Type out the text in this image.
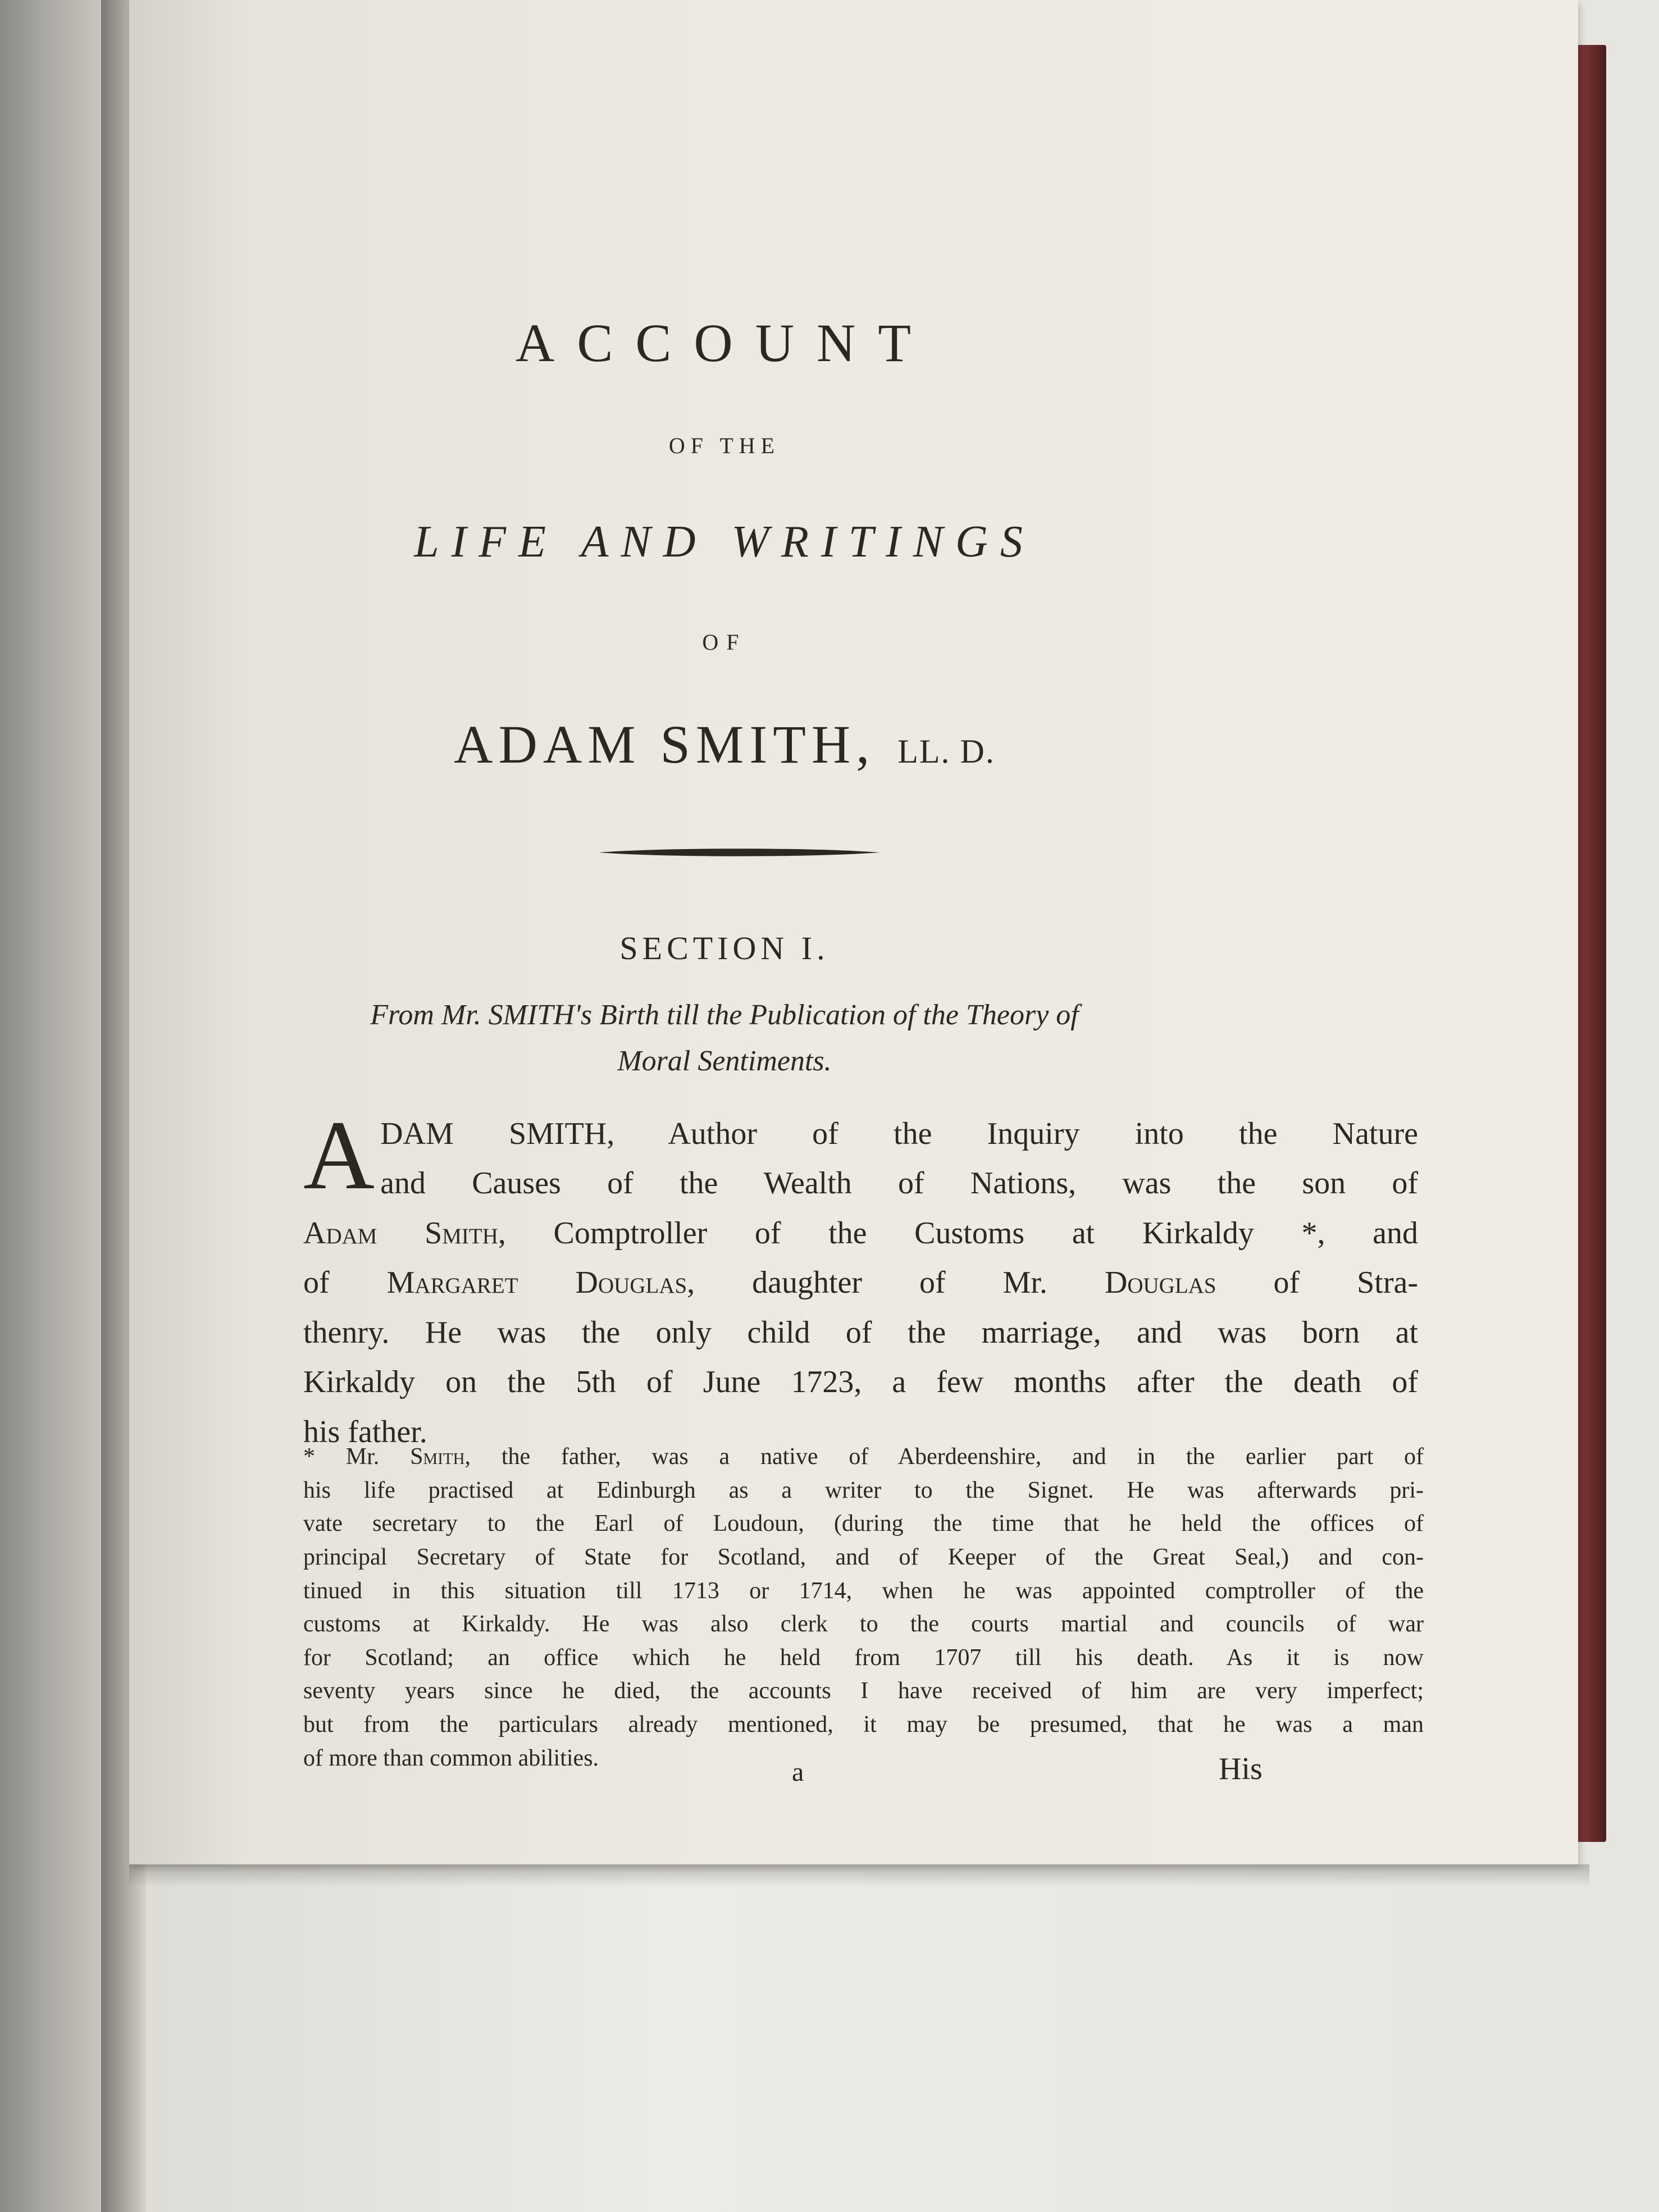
ACCOUNT
OF THE
LIFE AND WRITINGS
OF
ADAM SMITH, LL. D.
SECTION I.
From Mr. SMITH's Birth till the Publication of the Theory of
Moral Sentiments.
A DAM SMITH, Author of the Inquiry into the Nature
and Causes of the Wealth of Nations, was the son of
Adam Smith, Comptroller of the Customs at Kirkaldy *, and
of Margaret Douglas, daughter of Mr. Douglas of Stra-
thenry. He was the only child of the marriage, and was born at
Kirkaldy on the 5th of June 1723, a few months after the death of
his father.
* Mr. Smith, the father, was a native of Aberdeenshire, and in the earlier part of
his life practised at Edinburgh as a writer to the Signet. He was afterwards pri-
vate secretary to the Earl of Loudoun, (during the time that he held the offices of
principal Secretary of State for Scotland, and of Keeper of the Great Seal,) and con-
tinued in this situation till 1713 or 1714, when he was appointed comptroller of the
customs at Kirkaldy. He was also clerk to the courts martial and councils of war
for Scotland; an office which he held from 1707 till his death. As it is now
seventy years since he died, the accounts I have received of him are very imperfect;
but from the particulars already mentioned, it may be presumed, that he was a man
of more than common abilities.	a	His
